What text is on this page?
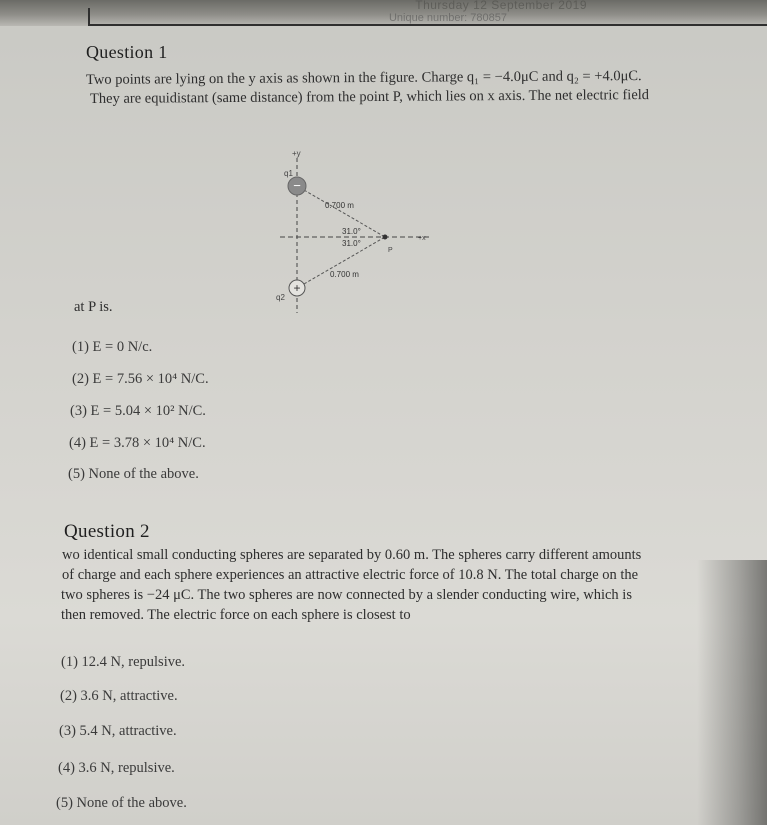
Thursday 12 September 2019
Unique number: 780857
Question 1
Two points are lying on the y axis as shown in the figure. Charge q₁ = −4.0μC and q₂ = +4.0μC.
They are equidistant (same distance) from the point P, which lies on x axis. The net electric field
−
+
q1
q2
+y
+x
0.700 m
0.700 m
31.0°
31.0°
P
at P is.
(1) E = 0 N/c.
(2) E = 7.56 × 10⁴ N/C.
(3) E = 5.04 × 10² N/C.
(4) E = 3.78 × 10⁴ N/C.
(5) None of the above.
Question 2
wo identical small conducting spheres are separated by 0.60 m. The spheres carry different amounts
of charge and each sphere experiences an attractive electric force of 10.8 N. The total charge on the
two spheres is −24 μC. The two spheres are now connected by a slender conducting wire, which is
then removed. The electric force on each sphere is closest to
(1) 12.4 N, repulsive.
(2) 3.6 N, attractive.
(3) 5.4 N, attractive.
(4) 3.6 N, repulsive.
(5) None of the above.
